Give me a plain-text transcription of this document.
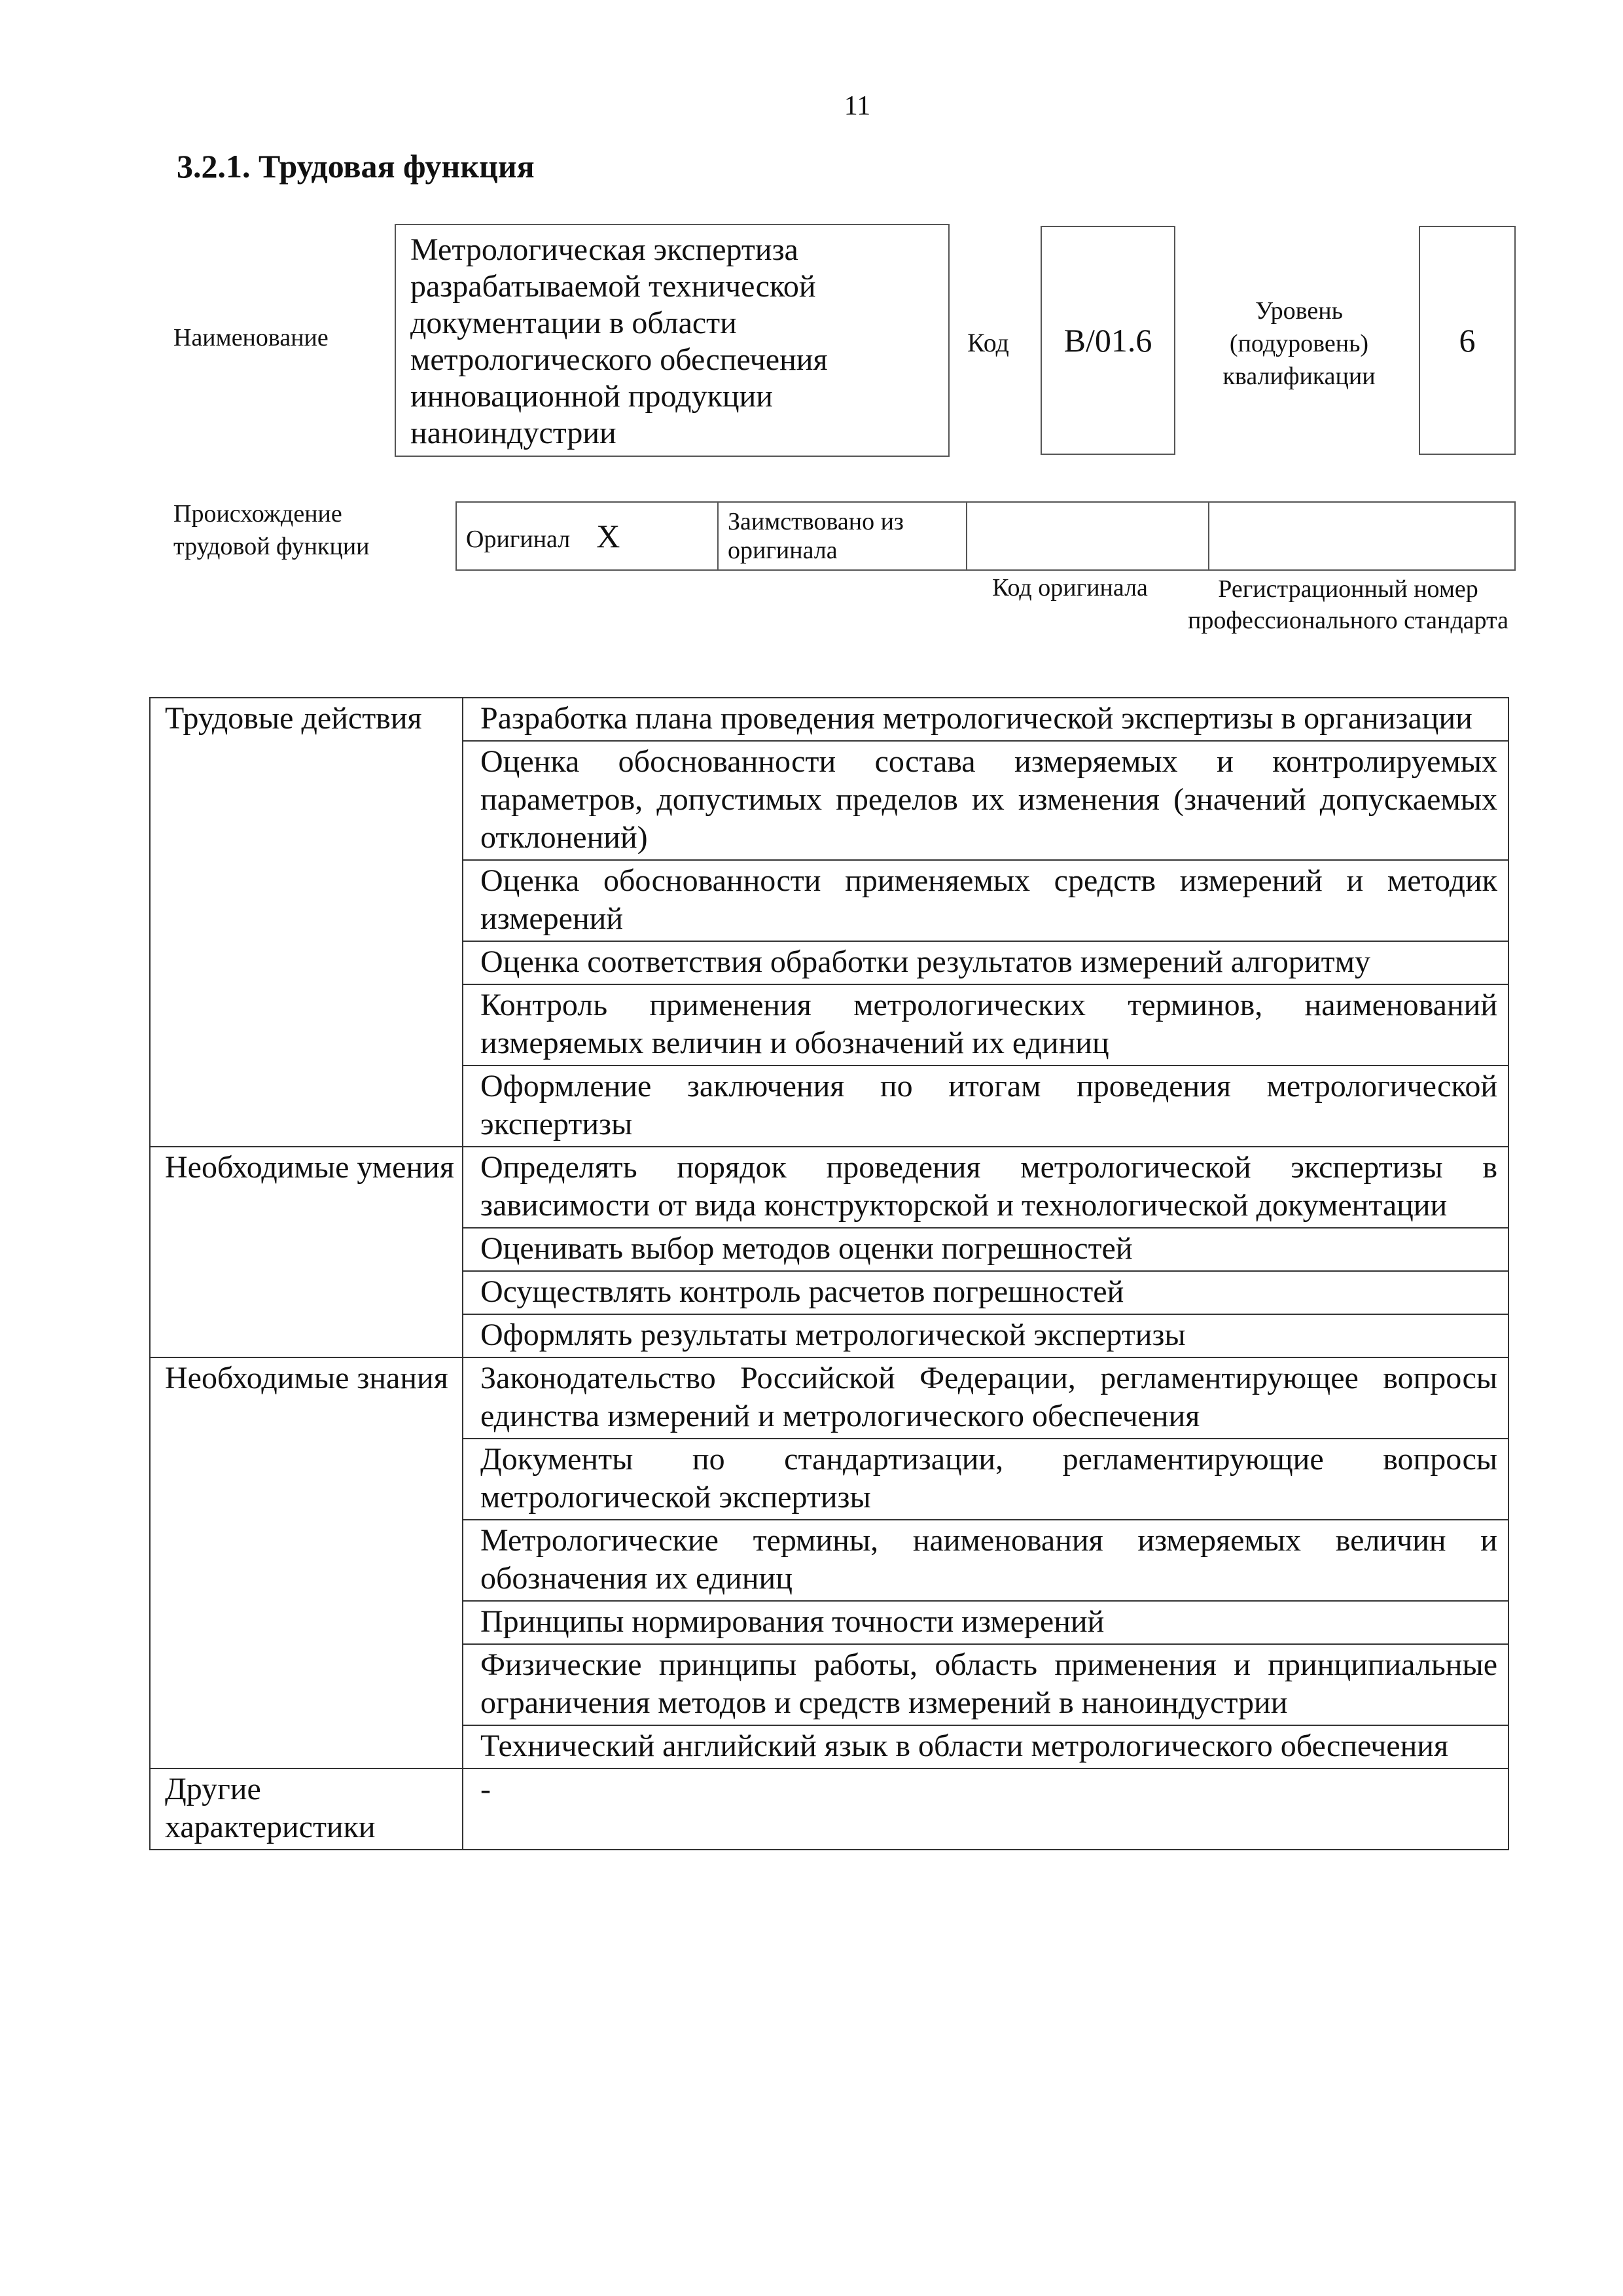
11
3.2.1. Трудовая функция
Наименование
Метрологическая экспертиза разрабатываемой технической документации в области метрологического обеспечения инновационной продукции наноиндустрии
Код	B/01.6
Уровень (подуровень) квалификации
6
Происхождение трудовой функции	Оригинал X	Заимствовано из оригинала		
Код оригинала	Регистрационный номер профессионального стандарта
Трудовые действия	Разработка плана проведения метрологической экспертизы в организации
	Оценка обоснованности состава измеряемых и контролируемых параметров, допустимых пределов их изменения (значений допускаемых отклонений)
	Оценка обоснованности применяемых средств измерений и методик измерений
	Оценка соответствия обработки результатов измерений алгоритму
	Контроль применения метрологических терминов, наименований измеряемых величин и обозначений их единиц
	Оформление заключения по итогам проведения метрологической экспертизы
Необходимые умения	Определять порядок проведения метрологической экспертизы в зависимости от вида конструкторской и технологической документации
	Оценивать выбор методов оценки погрешностей
	Осуществлять контроль расчетов погрешностей
	Оформлять результаты метрологической экспертизы
Необходимые знания	Законодательство Российской Федерации, регламентирующее вопросы единства измерений и метрологического обеспечения
	Документы по стандартизации, регламентирующие вопросы метрологической экспертизы
	Метрологические термины, наименования измеряемых величин и обозначения их единиц
	Принципы нормирования точности измерений
	Физические принципы работы, область применения и принципиальные ограничения методов и средств измерений в наноиндустрии
	Технический английский язык в области метрологического обеспечения
Другие характеристики	-
